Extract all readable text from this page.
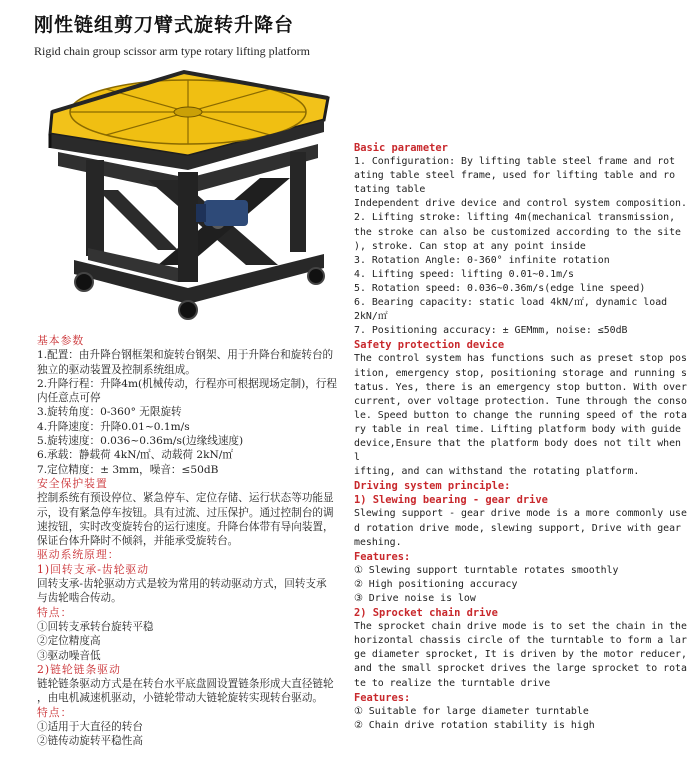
刚性链组剪刀臂式旋转升降台
Rigid chain group scissor arm type rotary lifting platform
基本参数

1.配置：由升降台钢框架和旋转台钢架、用于升降台和旋转台的

独立的驱动装置及控制系统组成。

2.升降行程：升降4m(机械传动，行程亦可根据现场定制)，行程

内任意点可停

3.旋转角度：0-360° 无限旋转

4.升降速度：升降0.01~0.1m/s

5.旋转速度：0.036~0.36m/s(边缘线速度)

6.承载：静载荷 4kN/㎡、动载荷 2kN/㎡

7.定位精度：± 3mm，噪音：≤50dB

安全保护装置

控制系统有预设停位、紧急停车、定位存储、运行状态等功能显

示，设有紧急停车按钮。具有过流、过压保护。通过控制台的调

速按钮，实时改变旋转台的运行速度。升降台体带有导向装置，

保证台体升降时不倾斜，并能承受旋转台。

驱动系统原理：
1)回转支承-齿轮驱动

回转支承-齿轮驱动方式是较为常用的转动驱动方式，回转支承

与齿轮啮合传动。

特点：

①回转支承转台旋转平稳

②定位精度高

③驱动噪音低

2)链轮链条驱动

链轮链条驱动方式是在转台水平底盘圆设置链条形成大直径链轮

，由电机减速机驱动，小链轮带动大链轮旋转实现转台驱动。

特点：

①适用于大直径的转台

②链传动旋转平稳性高

Basic parameter

1. Configuration: By lifting table steel frame and rot

ating table steel frame, used for lifting table and ro

tating table

Independent drive device and control system composition.

2. Lifting stroke: lifting 4m(mechanical transmission,

the stroke can also be customized according to the site

), stroke. Can stop at any point inside

3. Rotation Angle: 0-360° infinite rotation

4. Lifting speed: lifting 0.01~0.1m/s

5. Rotation speed: 0.036~0.36m/s(edge line speed)

6. Bearing capacity: static load 4kN/㎡, dynamic load

2kN/㎡

7. Positioning accuracy: ± GEMmm, noise: ≤50dB

Safety protection device

The control system has functions such as preset stop pos

ition, emergency stop, positioning storage and running s

tatus. Yes, there is an emergency stop button. With over

current, over voltage protection. Tune through the conso

le. Speed button to change the running speed of the rota

ry table in real time. Lifting platform body with guide

device,Ensure that the platform body does not tilt when l

ifting, and can withstand the rotating platform.

Driving system principle:
1) Slewing bearing - gear drive

Slewing support - gear drive mode is a more commonly use

d rotation drive mode, slewing support, Drive with gear

meshing.

Features:

① Slewing support turntable rotates smoothly

② High positioning accuracy

③ Drive noise is low

2) Sprocket chain drive

The sprocket chain drive mode is to set the chain in the

horizontal chassis circle of the turntable to form a lar

ge diameter sprocket, It is driven by the motor reducer,

and the small sprocket drives the large sprocket to rota

te to realize the turntable drive

Features:

① Suitable for large diameter turntable

② Chain drive rotation stability is high
